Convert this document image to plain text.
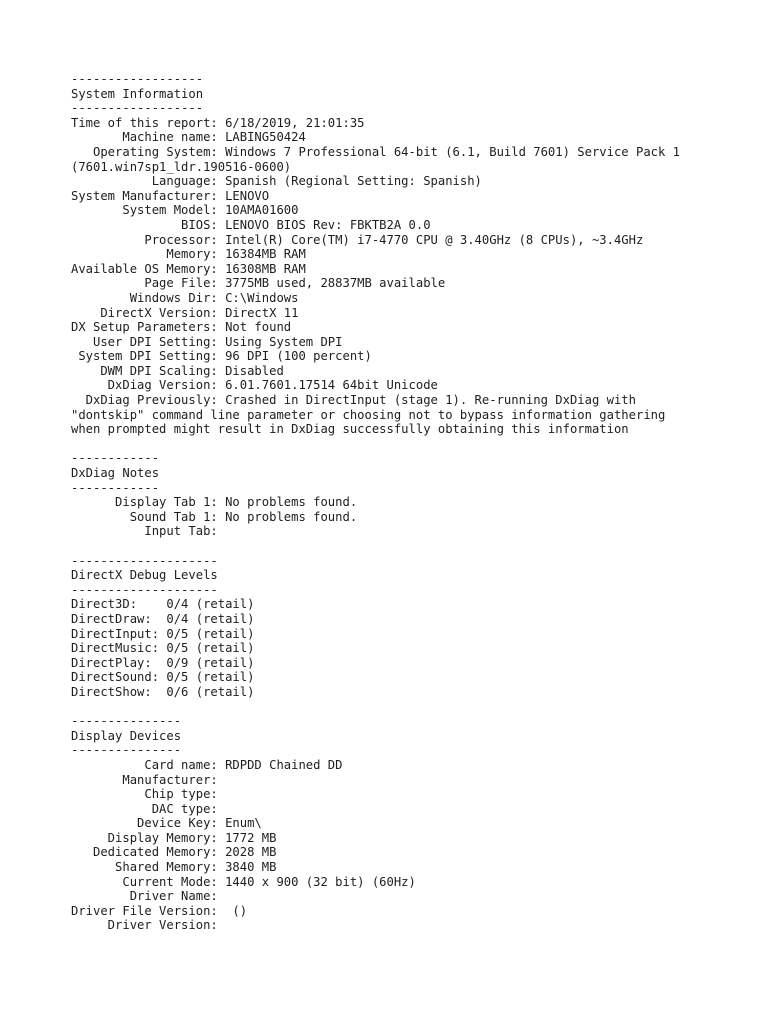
------------------
System Information
------------------
Time of this report: 6/18/2019, 21:01:35
Machine name: LABING50424
Operating System: Windows 7 Professional 64-bit (6.1, Build 7601) Service Pack 1
(7601.win7sp1_ldr.190516-0600)
Language: Spanish (Regional Setting: Spanish)
System Manufacturer: LENOVO
System Model: 10AMA01600
BIOS: LENOVO BIOS Rev: FBKTB2A 0.0
Processor: Intel(R) Core(TM) i7-4770 CPU @ 3.40GHz (8 CPUs), ~3.4GHz
Memory: 16384MB RAM
Available OS Memory: 16308MB RAM
Page File: 3775MB used, 28837MB available
Windows Dir: C:\Windows
DirectX Version: DirectX 11
DX Setup Parameters: Not found
User DPI Setting: Using System DPI
System DPI Setting: 96 DPI (100 percent)
DWM DPI Scaling: Disabled
DxDiag Version: 6.01.7601.17514 64bit Unicode
DxDiag Previously: Crashed in DirectInput (stage 1). Re-running DxDiag with
"dontskip" command line parameter or choosing not to bypass information gathering
when prompted might result in DxDiag successfully obtaining this information
------------
DxDiag Notes
------------
Display Tab 1: No problems found.
Sound Tab 1: No problems found.
Input Tab:
--------------------
DirectX Debug Levels
--------------------
Direct3D:    0/4 (retail)
DirectDraw:  0/4 (retail)
DirectInput: 0/5 (retail)
DirectMusic: 0/5 (retail)
DirectPlay:  0/9 (retail)
DirectSound: 0/5 (retail)
DirectShow:  0/6 (retail)
---------------
Display Devices
---------------
Card name: RDPDD Chained DD
Manufacturer:
Chip type:
DAC type:
Device Key: Enum\
Display Memory: 1772 MB
Dedicated Memory: 2028 MB
Shared Memory: 3840 MB
Current Mode: 1440 x 900 (32 bit) (60Hz)
Driver Name:
Driver File Version:  ()
Driver Version:
